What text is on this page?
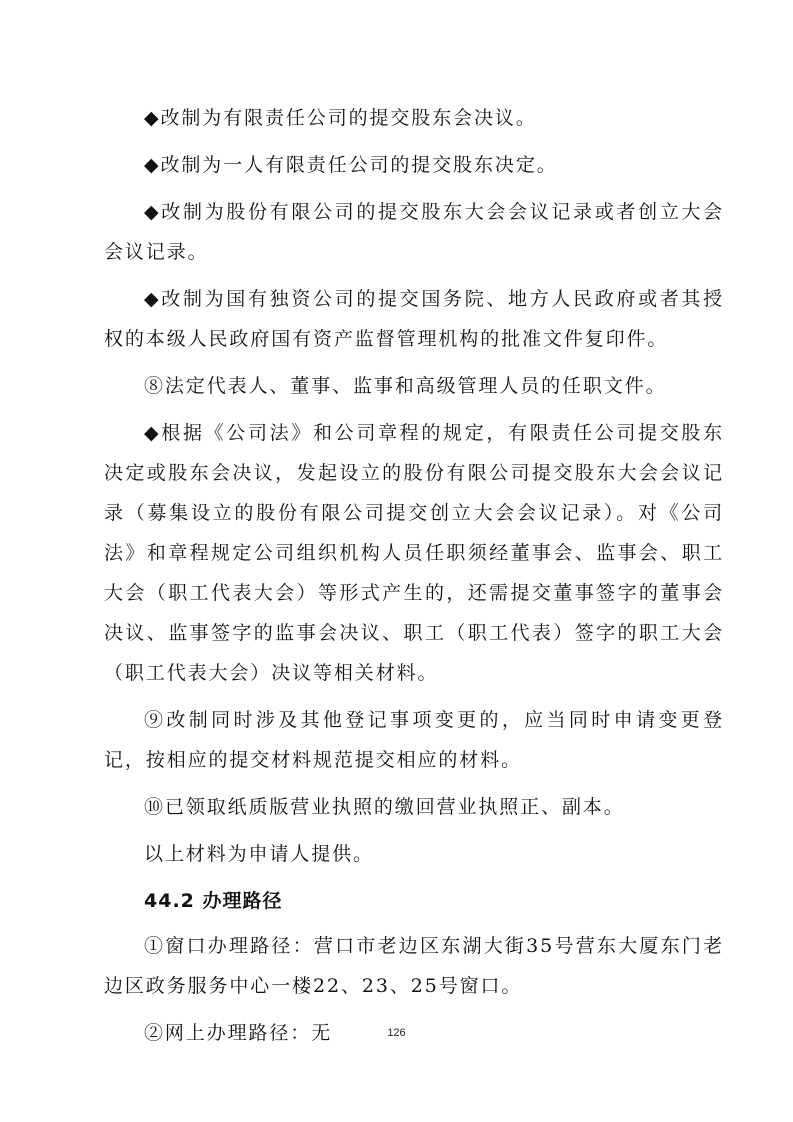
◆改制为有限责任公司的提交股东会决议。

◆改制为一人有限责任公司的提交股东决定。

◆改制为股份有限公司的提交股东大会会议记录或者创立大会会议记录。

◆改制为国有独资公司的提交国务院、地方人民政府或者其授权的本级人民政府国有资产监督管理机构的批准文件复印件。

⑧法定代表人、董事、监事和高级管理人员的任职文件。

◆根据《公司法》和公司章程的规定，有限责任公司提交股东决定或股东会决议，发起设立的股份有限公司提交股东大会会议记录（募集设立的股份有限公司提交创立大会会议记录）。对《公司法》和章程规定公司组织机构人员任职须经董事会、监事会、职工大会（职工代表大会）等形式产生的，还需提交董事签字的董事会决议、监事签字的监事会决议、职工（职工代表）签字的职工大会（职工代表大会）决议等相关材料。

⑨改制同时涉及其他登记事项变更的，应当同时申请变更登记，按相应的提交材料规范提交相应的材料。

⑩已领取纸质版营业执照的缴回营业执照正、副本。

以上材料为申请人提供。

44.2 办理路径

①窗口办理路径：营口市老边区东湖大街35号营东大厦东门老边区政务服务中心一楼22、23、25号窗口。

②网上办理路径：无	126
